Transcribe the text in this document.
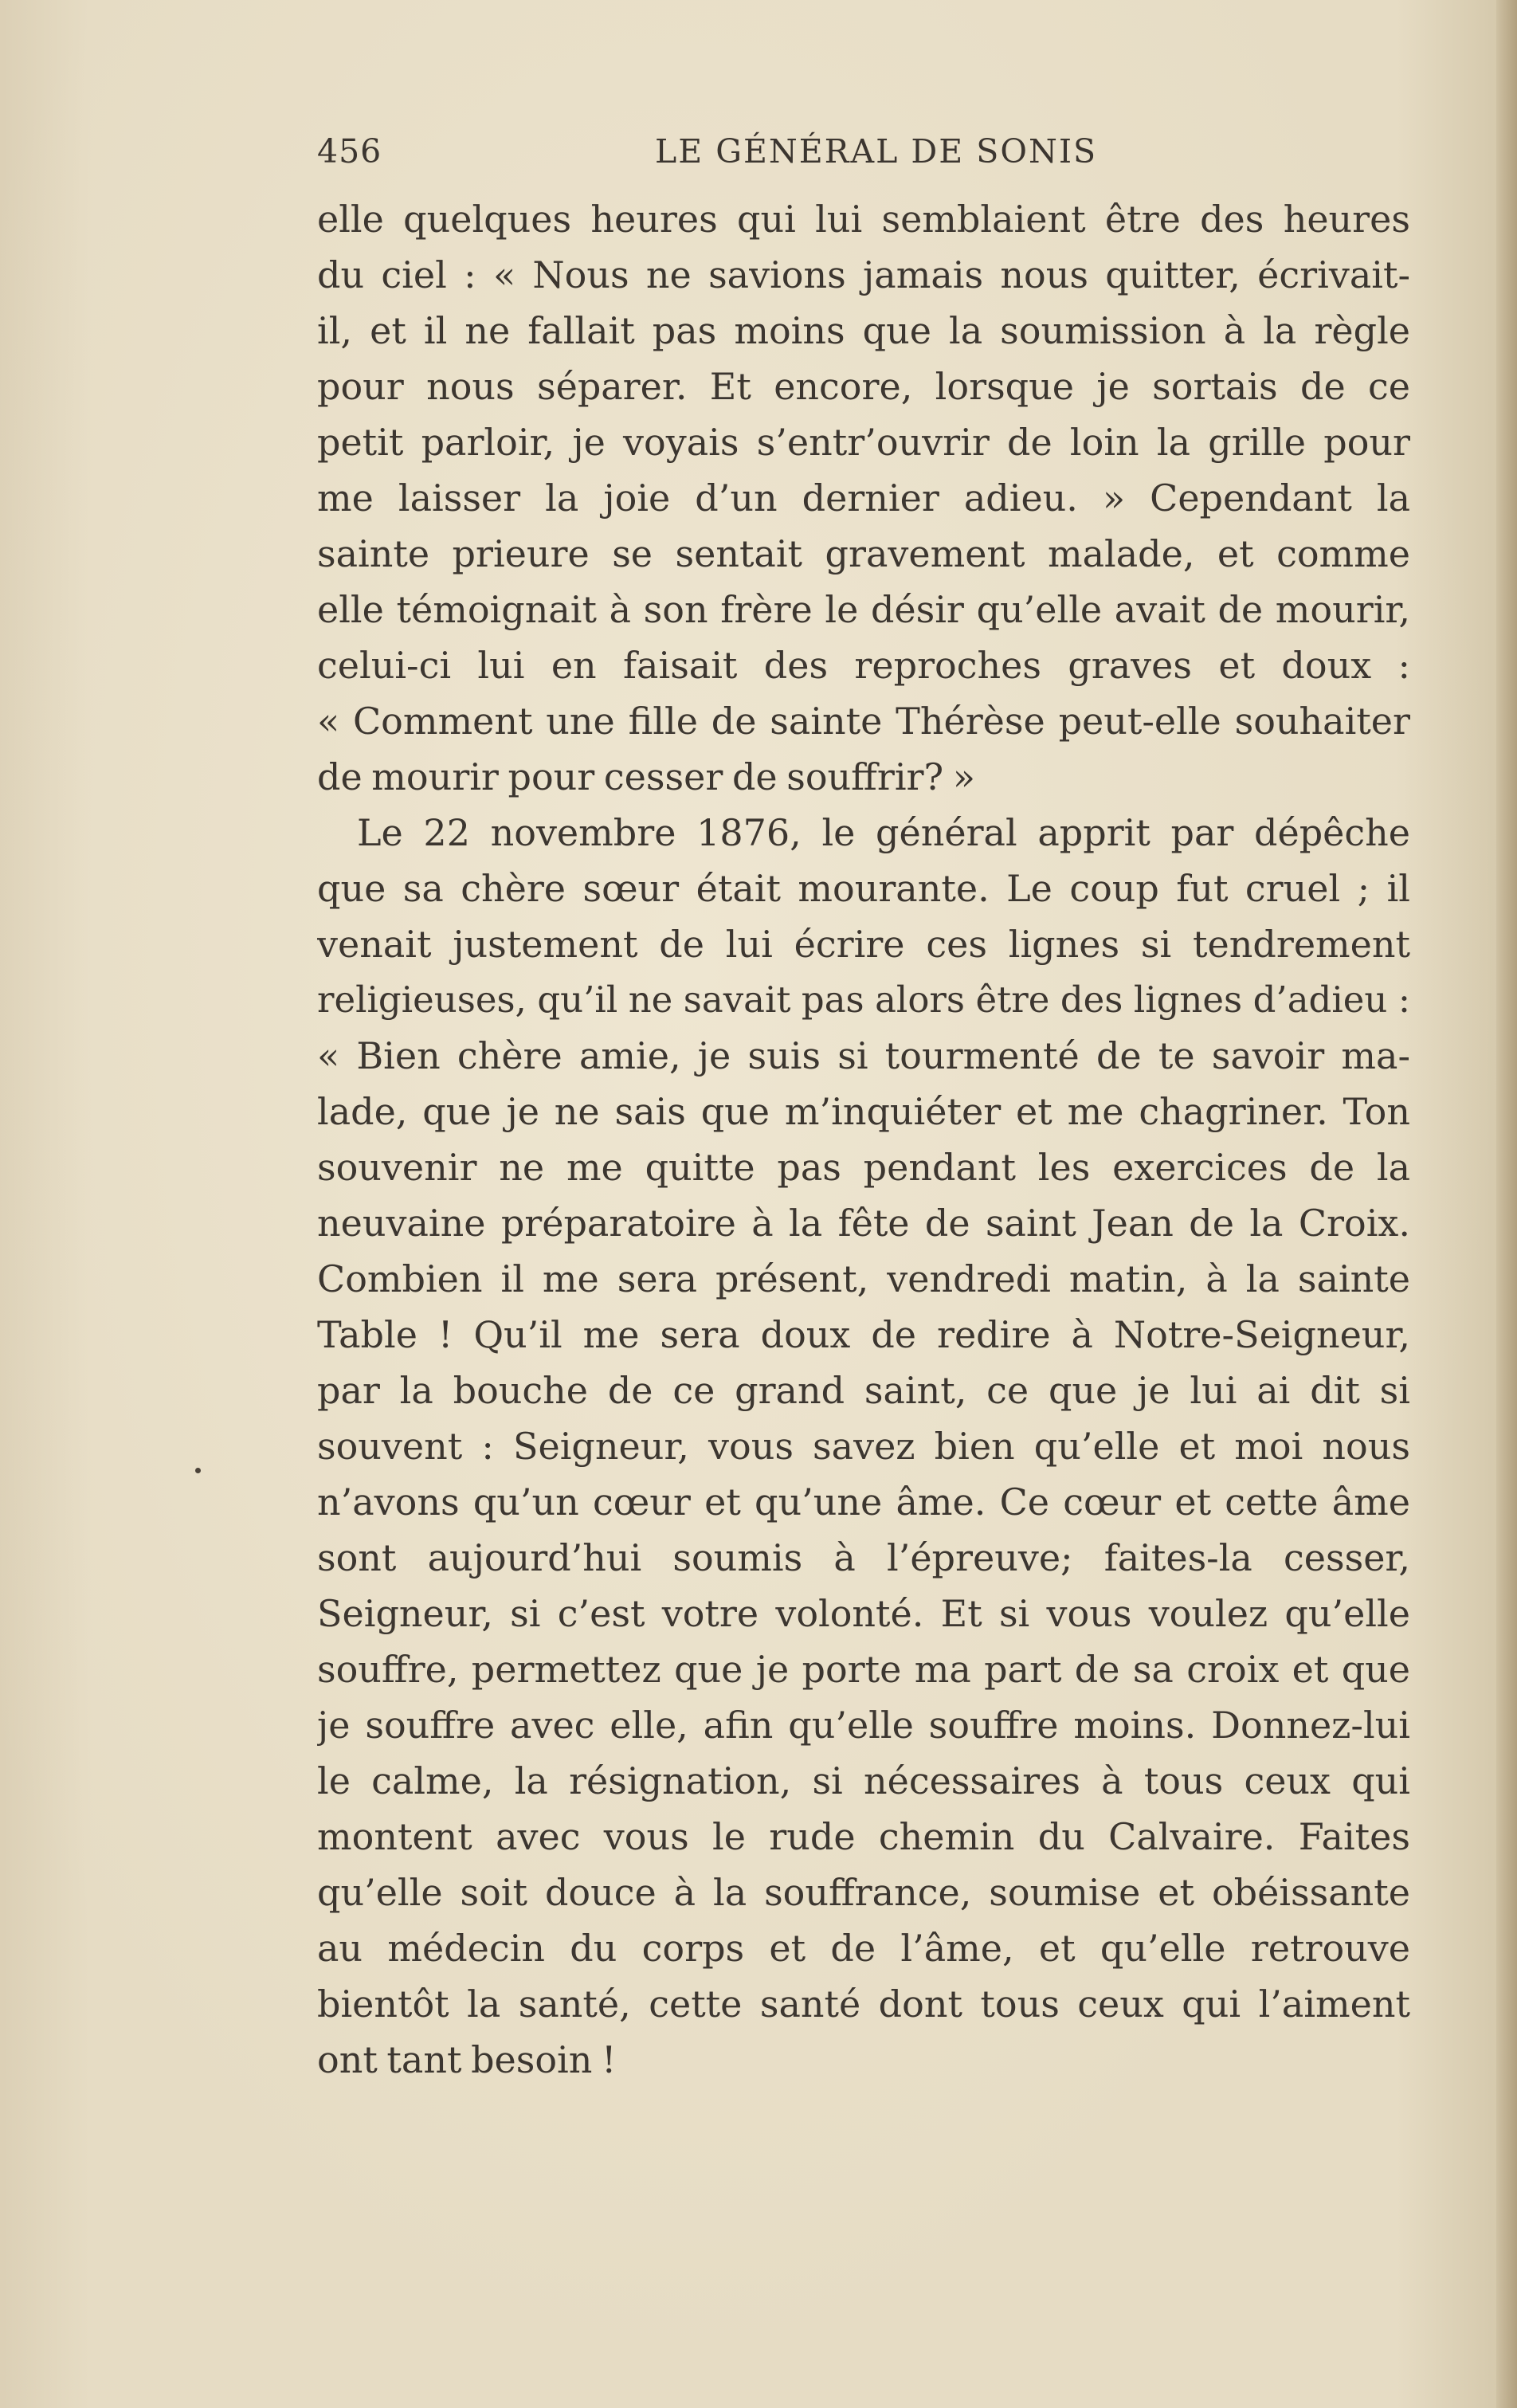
456	LE GÉNÉRAL DE SONIS
elle quelques heures qui lui semblaient être des heures
du ciel : « Nous ne savions jamais nous quitter, écrivait-
il, et il ne fallait pas moins que la soumission à la règle
pour nous séparer. Et encore, lorsque je sortais de ce
petit parloir, je voyais s’entr’ouvrir de loin la grille pour
me laisser la joie d’un dernier adieu. » Cependant la
sainte prieure se sentait gravement malade, et comme
elle témoignait à son frère le désir qu’elle avait de mourir,
celui-ci lui en faisait des reproches graves et doux :
« Comment une fille de sainte Thérèse peut-elle souhaiter
de mourir pour cesser de souffrir? »
Le 22 novembre 1876, le général apprit par dépêche
que sa chère sœur était mourante. Le coup fut cruel ; il
venait justement de lui écrire ces lignes si tendrement
religieuses, qu’il ne savait pas alors être des lignes d’adieu :
« Bien chère amie, je suis si tourmenté de te savoir ma-
lade, que je ne sais que m’inquiéter et me chagriner. Ton
souvenir ne me quitte pas pendant les exercices de la
neuvaine préparatoire à la fête de saint Jean de la Croix.
Combien il me sera présent, vendredi matin, à la sainte
Table ! Qu’il me sera doux de redire à Notre-Seigneur,
par la bouche de ce grand saint, ce que je lui ai dit si
souvent : Seigneur, vous savez bien qu’elle et moi nous
n’avons qu’un cœur et qu’une âme. Ce cœur et cette âme
sont aujourd’hui soumis à l’épreuve; faites-la cesser,
Seigneur, si c’est votre volonté. Et si vous voulez qu’elle
souffre, permettez que je porte ma part de sa croix et que
je souffre avec elle, afin qu’elle souffre moins. Donnez-lui
le calme, la résignation, si nécessaires à tous ceux qui
montent avec vous le rude chemin du Calvaire. Faites
qu’elle soit douce à la souffrance, soumise et obéissante
au médecin du corps et de l’âme, et qu’elle retrouve
bientôt la santé, cette santé dont tous ceux qui l’aiment
ont tant besoin !
